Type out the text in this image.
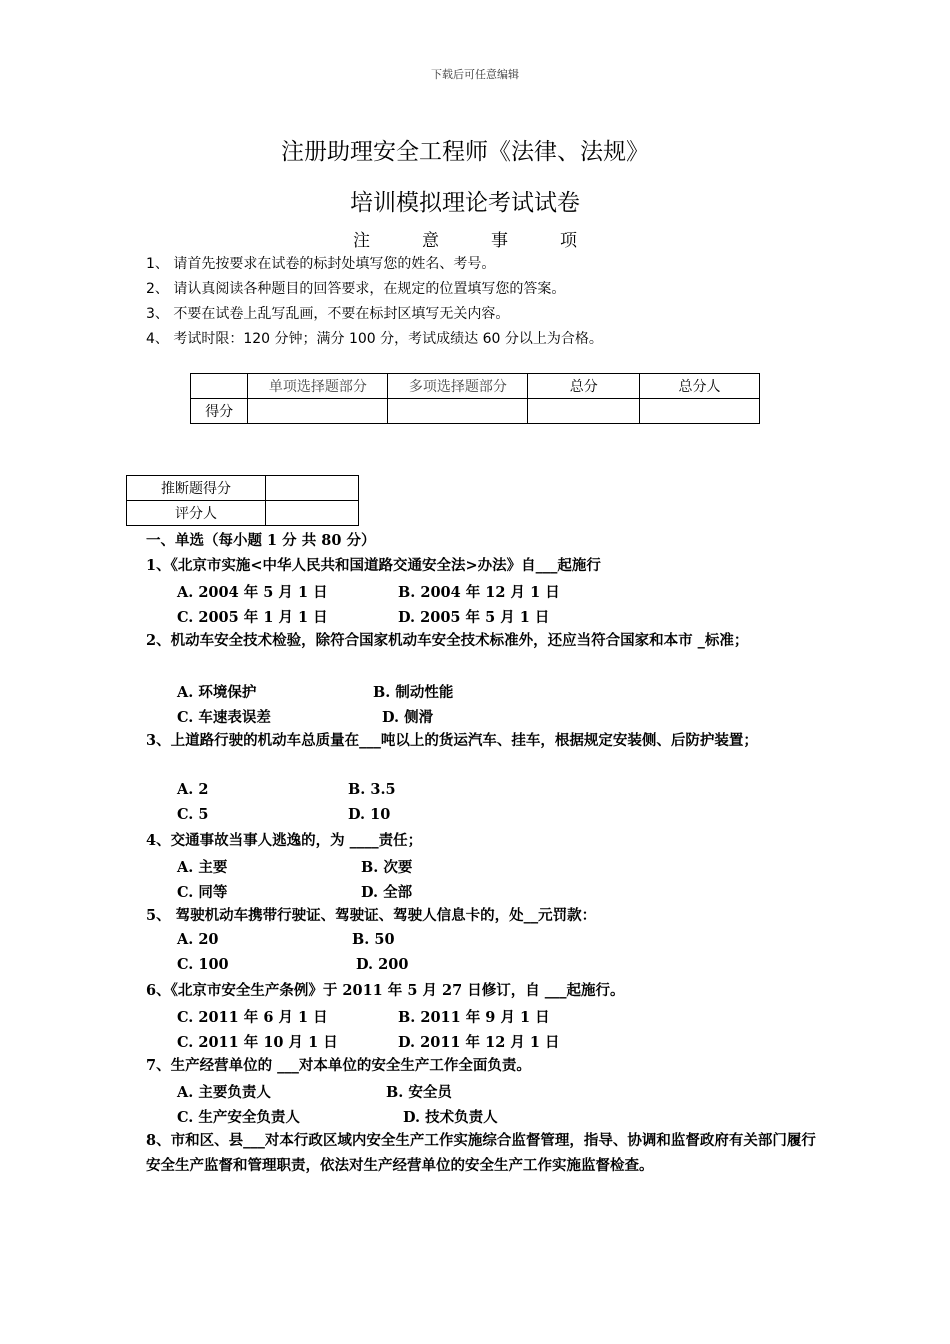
下载后可任意编辑
注册助理安全工程师《法律、法规》
培训模拟理论考试试卷
注	意	事	项
1、 请首先按要求在试卷的标封处填写您的姓名、考号。
2、 请认真阅读各种题目的回答要求，在规定的位置填写您的答案。
3、 不要在试卷上乱写乱画，不要在标封区填写无关内容。
4、 考试时限：120 分钟；满分 100 分，考试成绩达 60 分以上为合格。
	单项选择题部分	多项选择题部分	总分	总分人
得分				
推断题得分	
评分人	
一、单选（每小题 1 分 共 80 分）
1、《北京市实施<中华人民共和国道路交通安全法>办法》自___起施行
A. 2004 年 5 月 1 日	B. 2004 年 12 月 1 日
C. 2005 年 1 月 1 日	D. 2005 年 5 月 1 日
2、机动车安全技术检验，除符合国家机动车安全技术标准外，还应当符合国家和本市 _标准；
A. 环境保护	B. 制动性能
C. 车速表误差	D. 侧滑
3、上道路行驶的机动车总质量在___吨以上的货运汽车、挂车，根据规定安装侧、后防护装置；
A. 2	B. 3.5
C. 5	D. 10
4、交通事故当事人逃逸的，为 ____责任；
A. 主要	B. 次要
C. 同等	D. 全部
5、 驾驶机动车携带行驶证、驾驶证、驾驶人信息卡的，处__元罚款：
A. 20	B. 50
C. 100	D. 200
6、《北京市安全生产条例》于 2011 年 5 月 27 日修订，自 ___起施行。
C. 2011 年 6 月 1 日	B. 2011 年 9 月 1 日
C. 2011 年 10 月 1 日	D. 2011 年 12 月 1 日
7、生产经营单位的 ___对本单位的安全生产工作全面负责。
A. 主要负责人	B. 安全员
C. 生产安全负责人	D. 技术负责人
8、市和区、县___对本行政区域内安全生产工作实施综合监督管理，指导、协调和监督政府有关部门履行安全生产监督和管理职责，依法对生产经营单位的安全生产工作实施监督检查。
